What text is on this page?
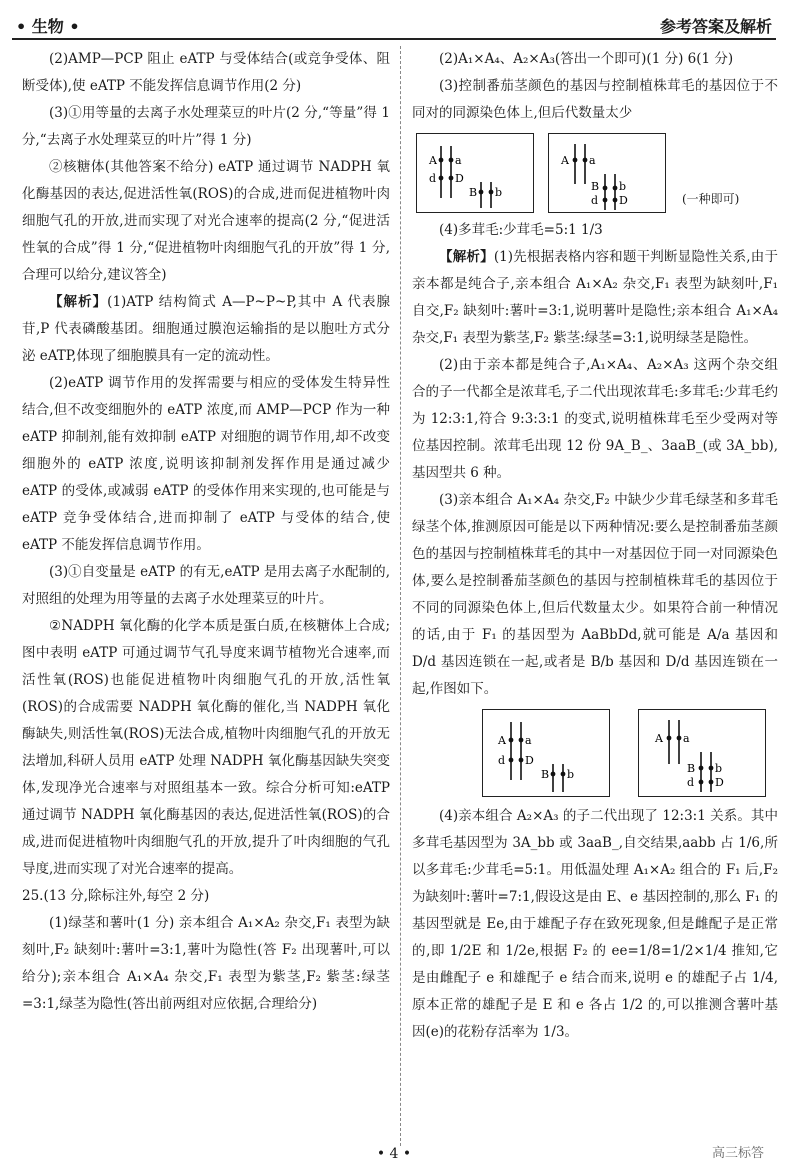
• 生物 •	参考答案及解析

(2)AMP—PCP 阻止 eATP 与受体结合(或竞争受体、阻断受体),使 eATP 不能发挥信息调节作用(2 分)

(3)①用等量的去离子水处理菜豆的叶片(2 分,“等量”得 1 分,“去离子水处理菜豆的叶片”得 1 分)

②核糖体(其他答案不给分) eATP 通过调节 NADPH 氧化酶基因的表达,促进活性氧(ROS)的合成,进而促进植物叶肉细胞气孔的开放,进而实现了对光合速率的提高(2 分,“促进活性氧的合成”得 1 分,“促进植物叶肉细胞气孔的开放”得 1 分,合理可以给分,建议答全)

【解析】(1)ATP 结构简式 A—P~P~P,其中 A 代表腺苷,P 代表磷酸基团。细胞通过膜泡运输指的是以胞吐方式分泌 eATP,体现了细胞膜具有一定的流动性。

(2)eATP 调节作用的发挥需要与相应的受体发生特异性结合,但不改变细胞外的 eATP 浓度,而 AMP—PCP 作为一种 eATP 抑制剂,能有效抑制 eATP 对细胞的调节作用,却不改变细胞外的 eATP 浓度,说明该抑制剂发挥作用是通过减少 eATP 的受体,或减弱 eATP 的受体作用来实现的,也可能是与 eATP 竞争受体结合,进而抑制了 eATP 与受体的结合,使 eATP 不能发挥信息调节作用。

(3)①自变量是 eATP 的有无,eATP 是用去离子水配制的,对照组的处理为用等量的去离子水处理菜豆的叶片。

②NADPH 氧化酶的化学本质是蛋白质,在核糖体上合成;图中表明 eATP 可通过调节气孔导度来调节植物光合速率,而活性氧(ROS)也能促进植物叶肉细胞气孔的开放,活性氧(ROS)的合成需要 NADPH 氧化酶的催化,当 NADPH 氧化酶缺失,则活性氧(ROS)无法合成,植物叶肉细胞气孔的开放无法增加,科研人员用 eATP 处理 NADPH 氧化酶基因缺失突变体,发现净光合速率与对照组基本一致。综合分析可知:eATP 通过调节 NADPH 氧化酶基因的表达,促进活性氧(ROS)的合成,进而促进植物叶肉细胞气孔的开放,提升了叶肉细胞的气孔导度,进而实现了对光合速率的提高。

25.(13 分,除标注外,每空 2 分)

(1)绿茎和薯叶(1 分) 亲本组合 A₁×A₂ 杂交,F₁ 表型为缺刻叶,F₂ 缺刻叶:薯叶=3:1,薯叶为隐性(答 F₂ 出现薯叶,可以给分);亲本组合 A₁×A₄ 杂交,F₁ 表型为紫茎,F₂ 紫茎:绿茎=3:1,绿茎为隐性(答出前两组对应依据,合理给分)

(2)A₁×A₄、A₂×A₃(答出一个即可)(1 分) 6(1 分)

(3)控制番茄茎颜色的基因与控制植株茸毛的基因位于不同对的同源染色体上,但后代数量太少

A a
d D
B b
A a
B b
d D	(一种即可)

(4)多茸毛:少茸毛=5:1 1/3

【解析】(1)先根据表格内容和题干判断显隐性关系,由于亲本都是纯合子,亲本组合 A₁×A₂ 杂交,F₁ 表型为缺刻叶,F₁ 自交,F₂ 缺刻叶:薯叶=3:1,说明薯叶是隐性;亲本组合 A₁×A₄ 杂交,F₁ 表型为紫茎,F₂ 紫茎:绿茎=3:1,说明绿茎是隐性。

(2)由于亲本都是纯合子,A₁×A₄、A₂×A₃ 这两个杂交组合的子一代都全是浓茸毛,子二代出现浓茸毛:多茸毛:少茸毛约为 12:3:1,符合 9:3:3:1 的变式,说明植株茸毛至少受两对等位基因控制。浓茸毛出现 12 份 9A_B_、3aaB_(或 3A_bb),基因型共 6 种。

(3)亲本组合 A₁×A₄ 杂交,F₂ 中缺少少茸毛绿茎和多茸毛绿茎个体,推测原因可能是以下两种情况:要么是控制番茄茎颜色的基因与控制植株茸毛的其中一对基因位于同一对同源染色体,要么是控制番茄茎颜色的基因与控制植株茸毛的基因位于不同的同源染色体上,但后代数量太少。如果符合前一种情况的话,由于 F₁ 的基因型为 AaBbDd,就可能是 A/a 基因和 D/d 基因连锁在一起,或者是 B/b 基因和 D/d 基因连锁在一起,作图如下。

A a
d D
B b
A a
B b
d D

(4)亲本组合 A₂×A₃ 的子二代出现了 12:3:1 关系。其中多茸毛基因型为 3A_bb 或 3aaB_,自交结果,aabb 占 1/6,所以多茸毛:少茸毛=5:1。用低温处理 A₁×A₂ 组合的 F₁ 后,F₂ 为缺刻叶:薯叶=7:1,假设这是由 E、e 基因控制的,那么 F₁ 的基因型就是 Ee,由于雄配子存在致死现象,但是雌配子是正常的,即 1/2E 和 1/2e,根据 F₂ 的 ee=1/8=1/2×1/4 推知,它是由雌配子 e 和雄配子 e 结合而来,说明 e 的雄配子占 1/4,原本正常的雄配子是 E 和 e 各占 1/2 的,可以推测含薯叶基因(e)的花粉存活率为 1/3。

• 4 •	高三标答
